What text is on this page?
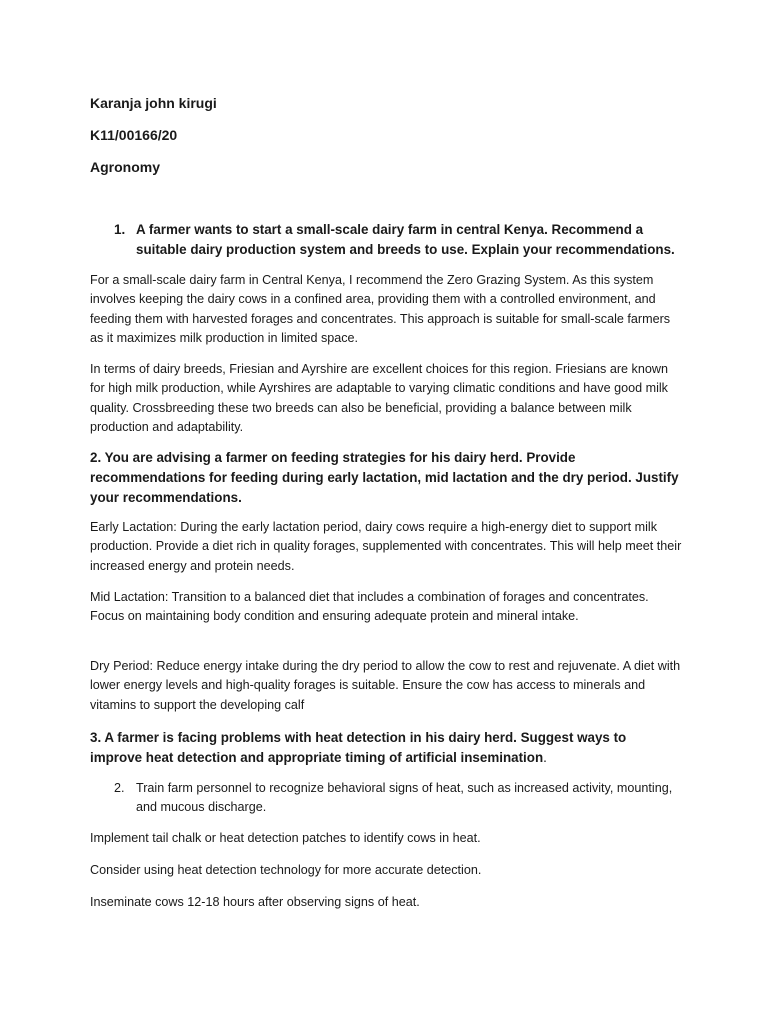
Karanja john kirugi
K11/00166/20
Agronomy
1. A farmer wants to start a small-scale dairy farm in central Kenya. Recommend a suitable dairy production system and breeds to use. Explain your recommendations.
For a small-scale dairy farm in Central Kenya, I recommend the Zero Grazing System. As this system involves keeping the dairy cows in a confined area, providing them with a controlled environment, and feeding them with harvested forages and concentrates. This approach is suitable for small-scale farmers as it maximizes milk production in limited space.
In terms of dairy breeds, Friesian and Ayrshire are excellent choices for this region. Friesians are known for high milk production, while Ayrshires are adaptable to varying climatic conditions and have good milk quality. Crossbreeding these two breeds can also be beneficial, providing a balance between milk production and adaptability.
2. You are advising a farmer on feeding strategies for his dairy herd. Provide recommendations for feeding during early lactation, mid lactation and the dry period. Justify your recommendations.
Early Lactation: During the early lactation period, dairy cows require a high-energy diet to support milk production. Provide a diet rich in quality forages, supplemented with concentrates. This will help meet their increased energy and protein needs.
Mid Lactation: Transition to a balanced diet that includes a combination of forages and concentrates. Focus on maintaining body condition and ensuring adequate protein and mineral intake.
Dry Period: Reduce energy intake during the dry period to allow the cow to rest and rejuvenate. A diet with lower energy levels and high-quality forages is suitable. Ensure the cow has access to minerals and vitamins to support the developing calf
3. A farmer is facing problems with heat detection in his dairy herd. Suggest ways to improve heat detection and appropriate timing of artificial insemination.
2. Train farm personnel to recognize behavioral signs of heat, such as increased activity, mounting, and mucous discharge.
Implement tail chalk or heat detection patches to identify cows in heat.
Consider using heat detection technology for more accurate detection.
Inseminate cows 12-18 hours after observing signs of heat.
